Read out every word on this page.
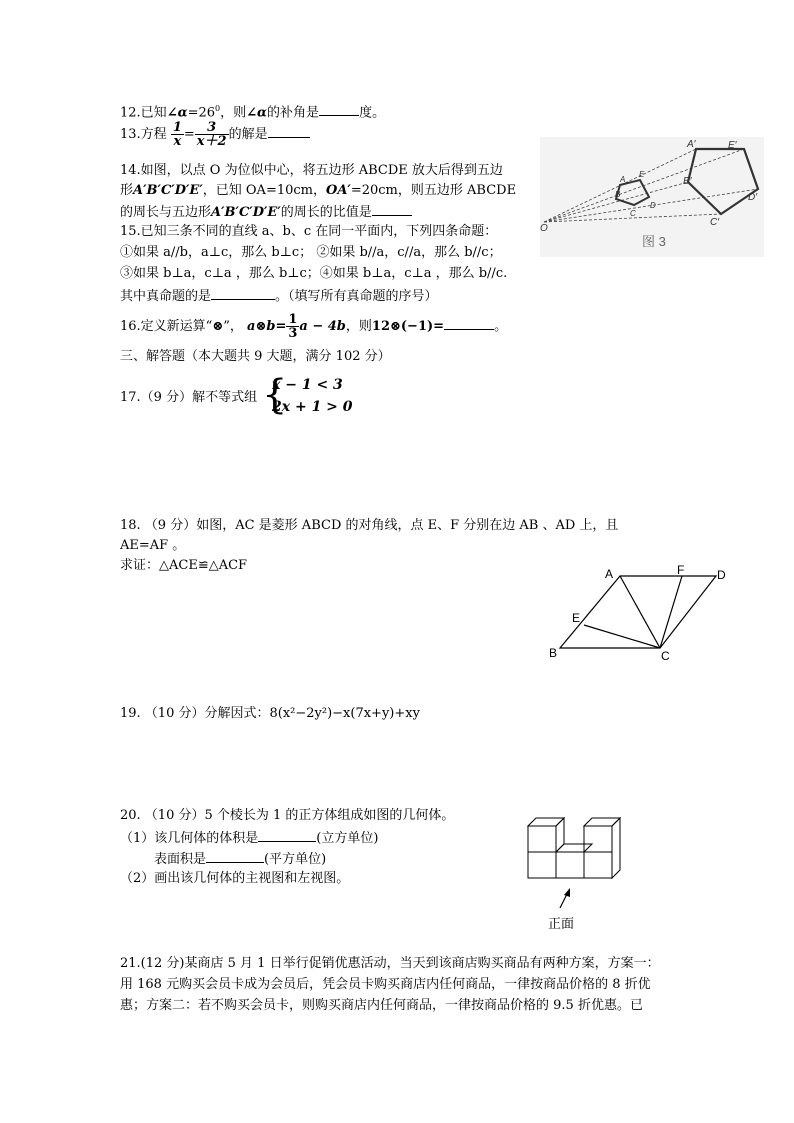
12.已知$\angle\alpha=26^0$，则∠α的补角是	度。
13.方程 $\frac{1}{x} = \frac{3}{x+2}$ 的解是
14.如图，以点 O 为位似中心，将五边形 ABCDE 放大后得到五边
形A′B′C′D′E′，已知 OA=10cm，OA′=20cm，则五边形 ABCDE
的周长与五边形A′B′C′D′E′的周长的比值是
15.已知三条不同的直线 a、b、c 在同一平面内，下列四条命题：
①如果 a//b，a⊥c，那么 b⊥c； ②如果 b//a，c//a，那么 b//c；
③如果 b⊥a，c⊥a ，那么 b⊥c；④如果 b⊥a，c⊥a ，那么 b//c.
其中真命题的是	。（填写所有真命题的序号）
16.定义新运算“⊗”， a⊗b= $\frac{1}{3}$ a − 4b，则12⊗(−1)=	。
三、解答题（本大题共 9 大题，满分 102 分）
17.（9 分）解不等式组 {
x − 1 < 3
2x + 1 > 0
18. （9 分）如图，AC 是菱形 ABCD 的对角线，点 E、F 分别在边 AB 、AD 上，且
AE=AF 。
求证：△ACE≌△ACF
19. （10 分）分解因式：8(x²−2y²)−x(7x+y)+xy
20. （10 分）5 个棱长为 1 的正方体组成如图的几何体。
（1）该几何体的体积是	(立方单位)
表面积是	(平方单位)
（2）画出该几何体的主视图和左视图。
21.(12 分)某商店 5 月 1 日举行促销优惠活动，当天到该商店购买商品有两种方案，方案一：
用 168 元购买会员卡成为会员后，凭会员卡购买商店内任何商品，一律按商品价格的 8 折优
惠；方案二：若不购买会员卡，则购买商店内任何商品，一律按商品价格的 9.5 折优惠。已
O
A
E
B
C
D
A′	E′
B′
C′
D′
图 3
A	F	D
E
B	C
正面
